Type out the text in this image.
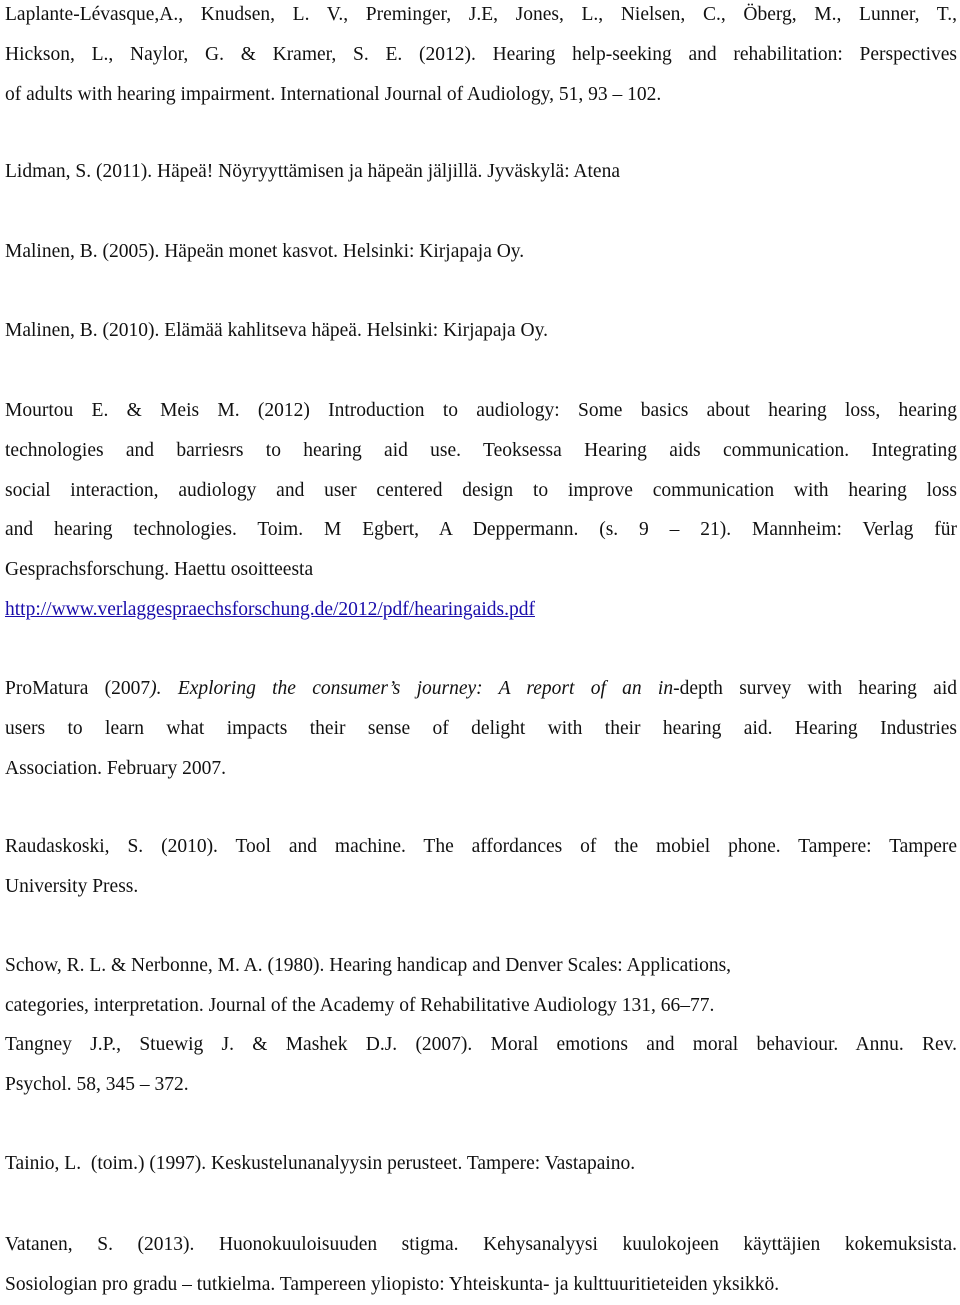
Laplante-Lévasque,A., Knudsen, L. V., Preminger, J.E, Jones, L., Nielsen, C., Öberg, M., Lunner, T.,
Hickson, L., Naylor, G. & Kramer, S. E. (2012). Hearing help-seeking and rehabilitation: Perspectives
of adults with hearing impairment. International Journal of Audiology, 51, 93 – 102.

Lidman, S. (2011). Häpeä! Nöyryyttämisen ja häpeän jäljillä. Jyväskylä: Atena

Malinen, B. (2005). Häpeän monet kasvot. Helsinki: Kirjapaja Oy.

Malinen, B. (2010). Elämää kahlitseva häpeä. Helsinki: Kirjapaja Oy.

Mourtou E. & Meis M. (2012) Introduction to audiology: Some basics about hearing loss, hearing
technologies and barriesrs to hearing aid use. Teoksessa Hearing aids communication. Integrating
social interaction, audiology and user centered design to improve communication with hearing loss
and hearing technologies. Toim. M Egbert, A Deppermann. (s. 9 – 21). Mannheim: Verlag für
Gesprachsforschung. Haettu osoitteesta
http://www.verlaggespraechsforschung.de/2012/pdf/hearingaids.pdf

ProMatura (2007). Exploring the consumer’s journey: A report of an in-depth survey with hearing aid
users to learn what impacts their sense of delight with their hearing aid. Hearing Industries
Association. February 2007.

Raudaskoski, S. (2010). Tool and machine. The affordances of the mobiel phone. Tampere: Tampere
University Press.

Schow, R. L. & Nerbonne, M. A. (1980). Hearing handicap and Denver Scales: Applications,
categories, interpretation. Journal of the Academy of Rehabilitative Audiology 131, 66–77.

Tangney J.P., Stuewig J. & Mashek D.J. (2007). Moral emotions and moral behaviour. Annu. Rev.
Psychol. 58, 345 – 372.

Tainio, L.  (toim.) (1997). Keskustelunanalyysin perusteet. Tampere: Vastapaino.

Vatanen, S. (2013). Huonokuuloisuuden stigma. Kehysanalyysi kuulokojeen käyttäjien kokemuksista.
Sosiologian pro gradu – tutkielma. Tampereen yliopisto: Yhteiskunta- ja kulttuuritieteiden yksikkö.
